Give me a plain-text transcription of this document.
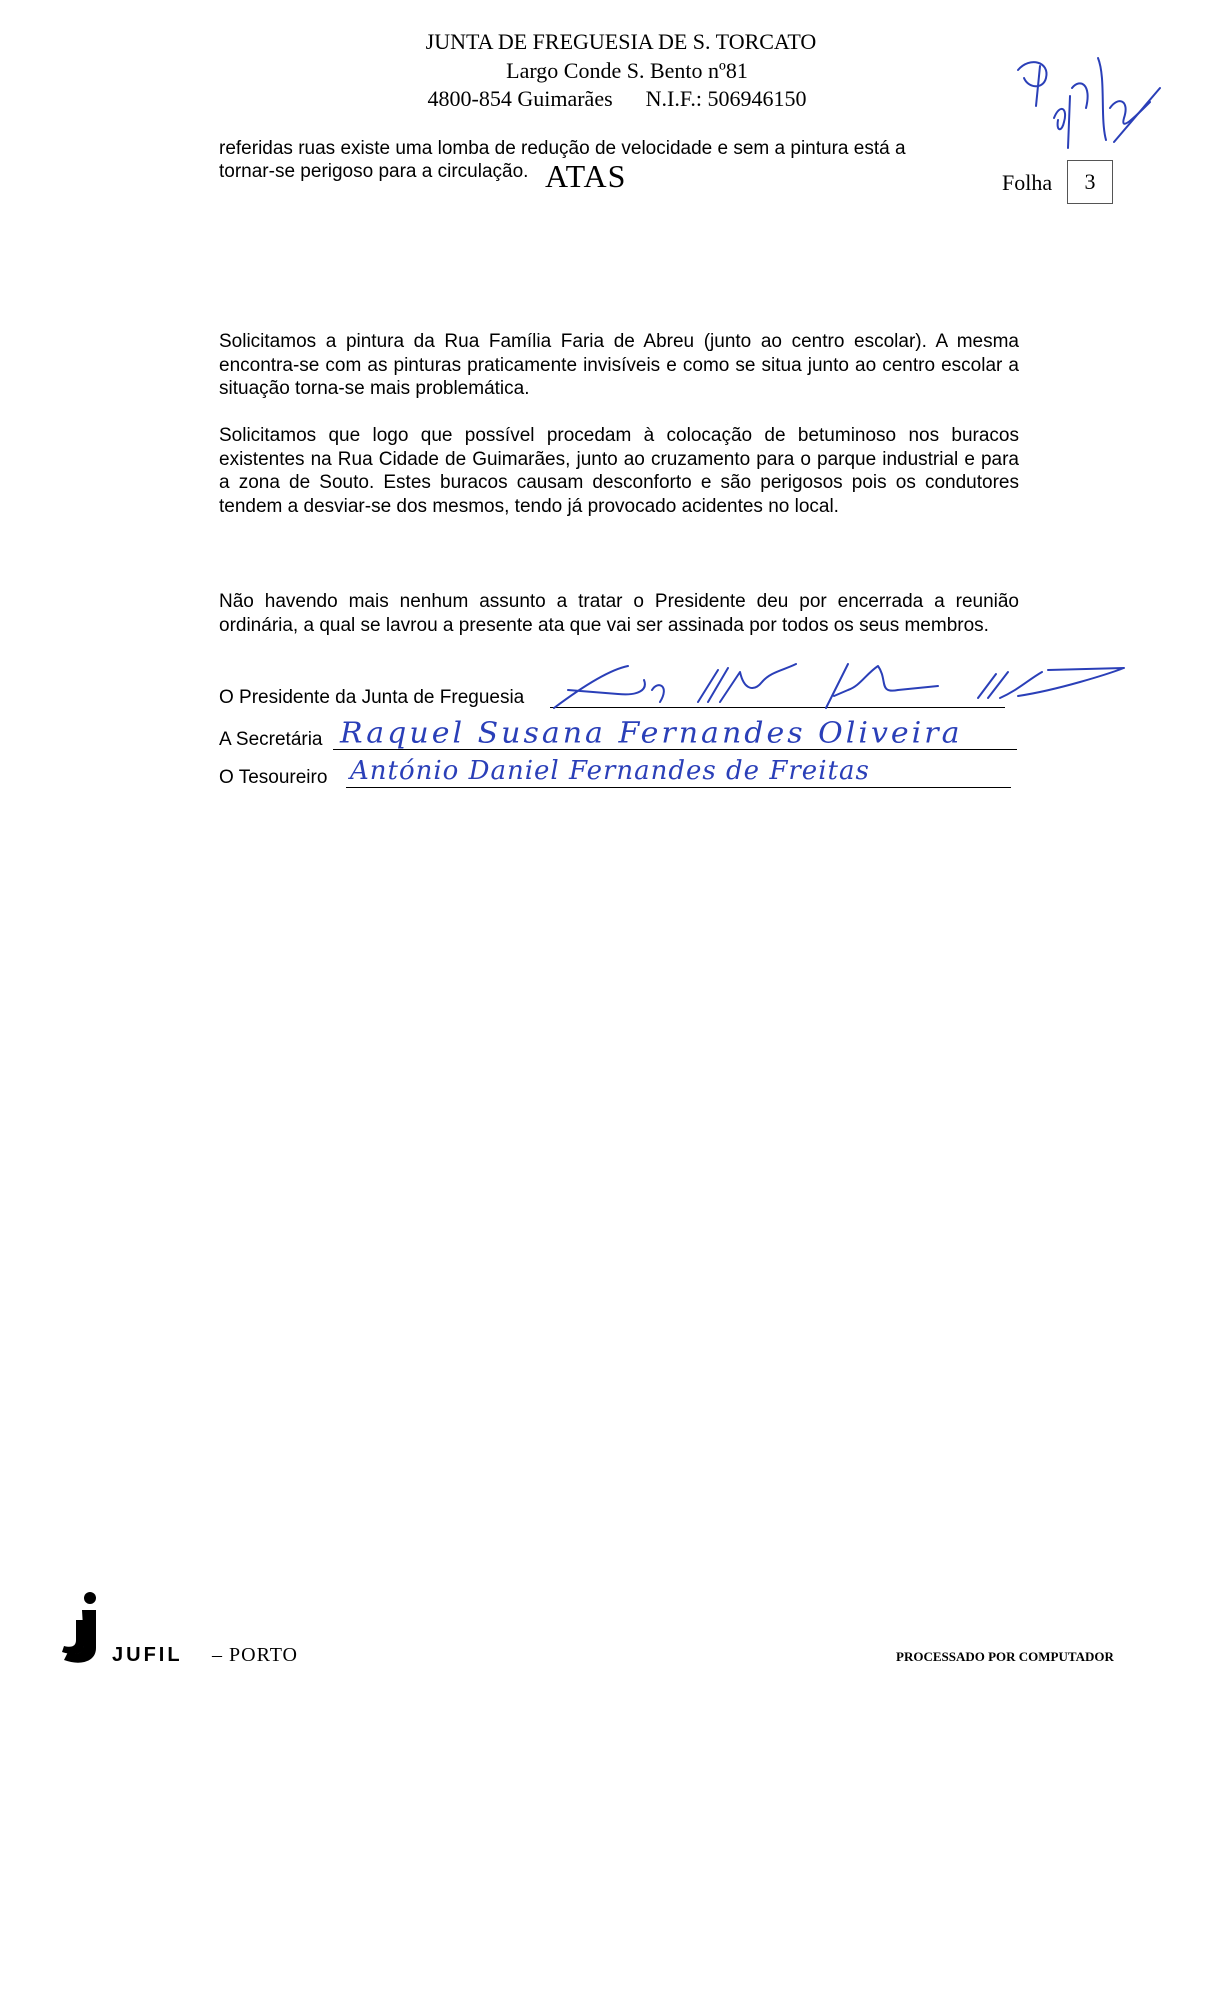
JUNTA DE FREGUESIA DE S. TORCATO
Largo Conde S. Bento nº81
4800-854 Guimarães N.I.F.: 506946150
referidas ruas existe uma lomba de redução de velocidade e sem a pintura está a
tornar-se perigoso para a circulação. ATAS	Folha	3
Solicitamos a pintura da Rua Família Faria de Abreu (junto ao centro escolar). A mesma encontra-se com as pinturas praticamente invisíveis e como se situa junto ao centro escolar a situação torna-se mais problemática.
Solicitamos que logo que possível procedam à colocação de betuminoso nos buracos existentes na Rua Cidade de Guimarães, junto ao cruzamento para o parque industrial e para a zona de Souto. Estes buracos causam desconforto e são perigosos pois os condutores tendem a desviar-se dos mesmos, tendo já provocado acidentes no local.
Não havendo mais nenhum assunto a tratar o Presidente deu por encerrada a reunião ordinária, a qual se lavrou a presente ata que vai ser assinada por todos os seus membros.
O Presidente da Junta de Freguesia
A Secretária Raquel Susana Fernandes Oliveira
O Tesoureiro António Daniel Fernandes de Freitas
JUFIL – PORTO	PROCESSADO POR COMPUTADOR
